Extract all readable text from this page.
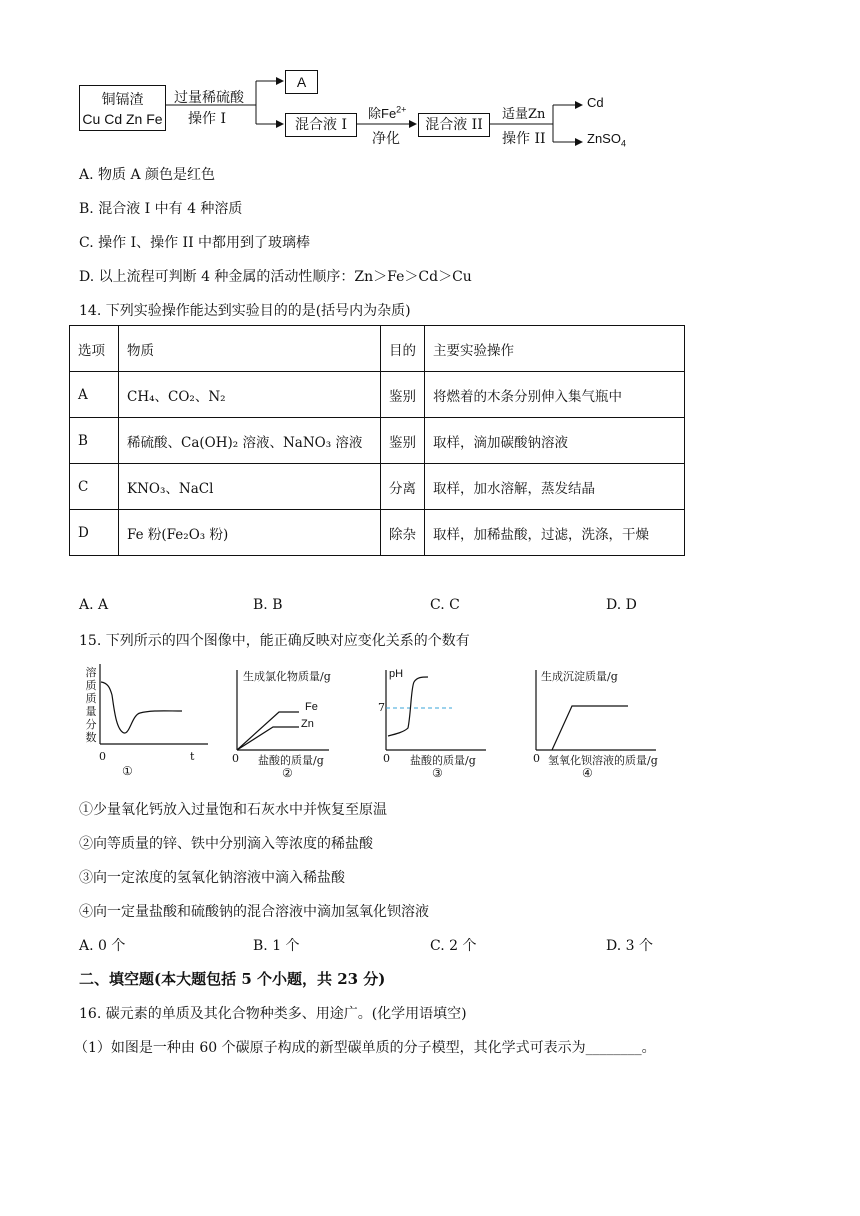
铜镉渣
Cu Cd Zn Fe
过量稀硫酸
操作 I
A
混合液 I
除$Fe^{2+}$
净化
混合液 II
适量Zn
操作 II
Cd
ZnSO$_4$
A. 物质 A 颜色是红色
B. 混合液 I 中有 4 种溶质
C. 操作 I、操作 II 中都用到了玻璃棒
D. 以上流程可判断 4 种金属的活动性顺序：Zn＞Fe＞Cd＞Cu
14. 下列实验操作能达到实验目的的是(括号内为杂质)
选项	物质	目的	主要实验操作
A	CH₄、CO₂、N₂	鉴别	将燃着的木条分别伸入集气瓶中
B	稀硫酸、Ca(OH)₂ 溶液、NaNO₃ 溶液	鉴别	取样，滴加碳酸钠溶液
C	KNO₃、NaCl	分离	取样，加水溶解，蒸发结晶
D	Fe 粉(Fe₂O₃ 粉)	除杂	取样，加稀盐酸，过滤，洗涤，干燥
A. A	B. B	C. C	D. D
15. 下列所示的四个图像中，能正确反映对应变化关系的个数有
溶
质
质
量
分
数
0	t
①
生成氯化物质量/g
Fe
Zn
0 盐酸的质量/g
②
pH
7
0 盐酸的质量/g
③
生成沉淀质量/g
0 氢氧化钡溶液的质量/g
④
①少量氧化钙放入过量饱和石灰水中并恢复至原温
②向等质量的锌、铁中分别滴入等浓度的稀盐酸
③向一定浓度的氢氧化钠溶液中滴入稀盐酸
④向一定量盐酸和硫酸钠的混合溶液中滴加氢氧化钡溶液
A. 0 个	B. 1 个	C. 2 个	D. 3 个
二、填空题(本大题包括 5 个小题，共 23 分)
16. 碳元素的单质及其化合物种类多、用途广。(化学用语填空)
（1）如图是一种由 60 个碳原子构成的新型碳单质的分子模型，其化学式可表示为________。
